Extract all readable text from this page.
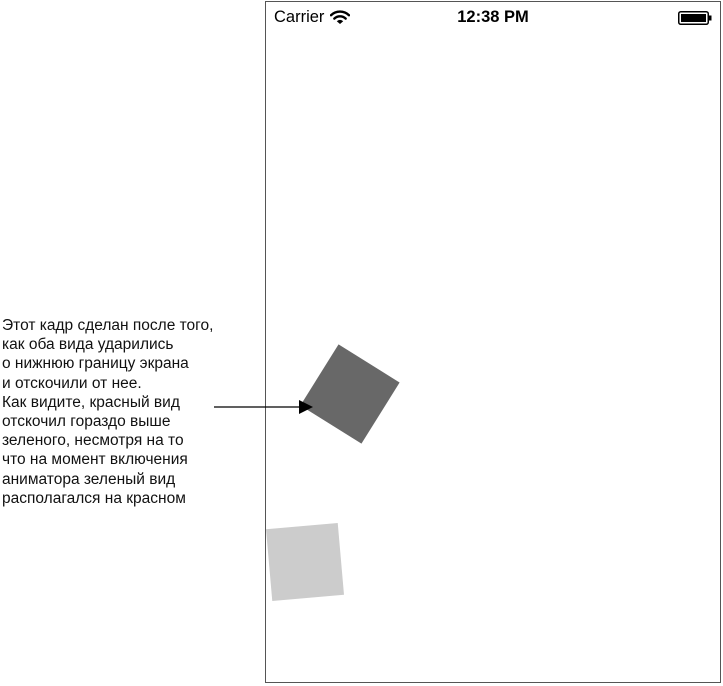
Этот кадр сделан после того,
как оба вида ударились
о нижнюю границу экрана
и отскочили от нее.
Как видите, красный вид
отскочил гораздо выше
зеленого, несмотря на то
что на момент включения
аниматора зеленый вид
располагался на красном
Carrier	12:38 PM
